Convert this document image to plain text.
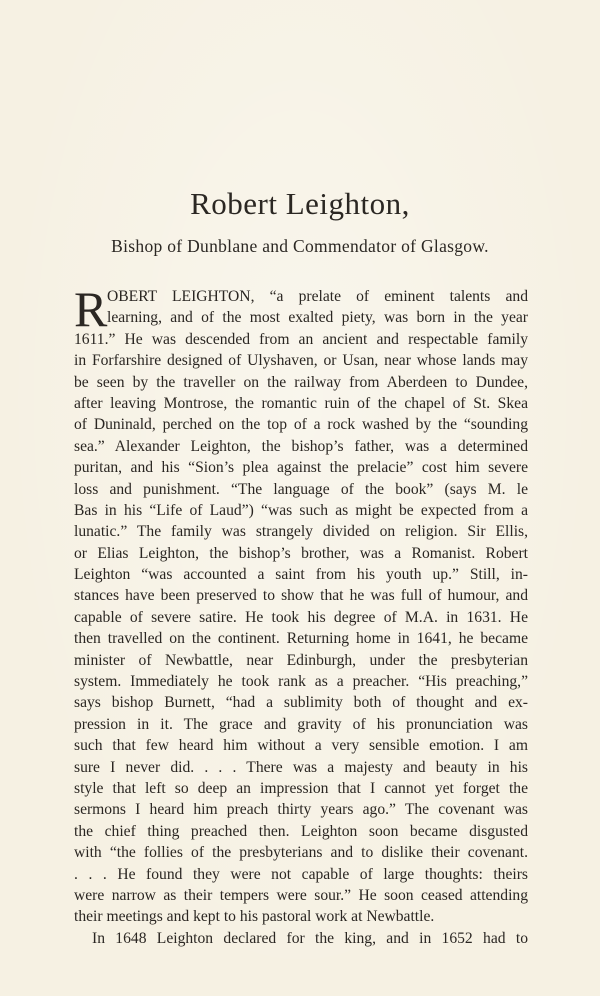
Robert Leighton,
Bishop of Dunblane and Commendator of Glasgow.
R OBERT LEIGHTON, “a prelate of eminent talents and
learning, and of the most exalted piety, was born in the year
1611.” He was descended from an ancient and respectable family
in Forfarshire designed of Ulyshaven, or Usan, near whose lands may
be seen by the traveller on the railway from Aberdeen to Dundee,
after leaving Montrose, the romantic ruin of the chapel of St. Skea
of Duninald, perched on the top of a rock washed by the “sounding
sea.” Alexander Leighton, the bishop’s father, was a determined
puritan, and his “Sion’s plea against the prelacie” cost him severe
loss and punishment. “The language of the book” (says M. le
Bas in his “Life of Laud”) “was such as might be expected from a
lunatic.” The family was strangely divided on religion. Sir Ellis,
or Elias Leighton, the bishop’s brother, was a Romanist. Robert
Leighton “was accounted a saint from his youth up.” Still, in-
stances have been preserved to show that he was full of humour, and
capable of severe satire. He took his degree of M.A. in 1631. He
then travelled on the continent. Returning home in 1641, he became
minister of Newbattle, near Edinburgh, under the presbyterian
system. Immediately he took rank as a preacher. “His preaching,”
says bishop Burnett, “had a sublimity both of thought and ex-
pression in it. The grace and gravity of his pronunciation was
such that few heard him without a very sensible emotion. I am
sure I never did. . . . There was a majesty and beauty in his
style that left so deep an impression that I cannot yet forget the
sermons I heard him preach thirty years ago.” The covenant was
the chief thing preached then. Leighton soon became disgusted
with “the follies of the presbyterians and to dislike their covenant.
. . . He found they were not capable of large thoughts: theirs
were narrow as their tempers were sour.” He soon ceased attending
their meetings and kept to his pastoral work at Newbattle.
In 1648 Leighton declared for the king, and in 1652 had to
